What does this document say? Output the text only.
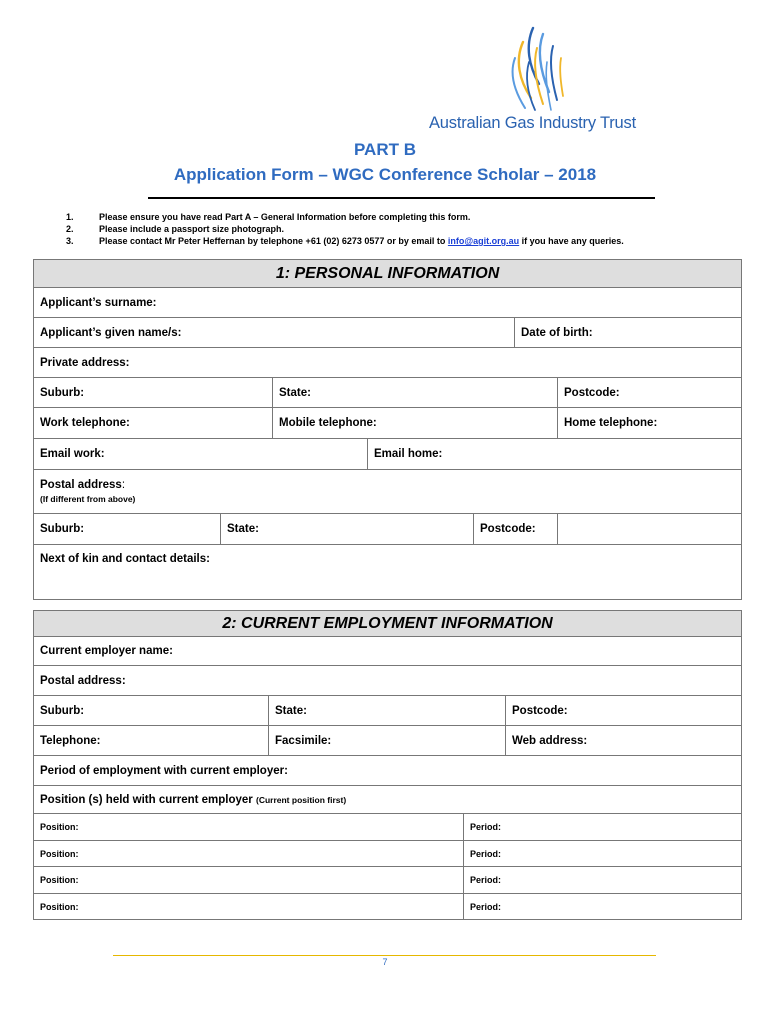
Australian Gas Industry Trust
PART B
Application Form – WGC Conference Scholar – 2018
1.	Please ensure you have read Part A – General Information before completing this form.
2.	Please include a passport size photograph.
3.	Please contact Mr Peter Heffernan by telephone +61 (02) 6273 0577 or by email to info@agit.org.au if you have any queries.
1: PERSONAL INFORMATION						
Applicant’s surname:						
Applicant’s given name/s:					Date of birth:	
Private address:						
Suburb:		State:				Postcode:
Work telephone:		Mobile telephone:				Home telephone:
Email work:			Email home:			
Postal address:
(If different from above)						

Suburb:	State:			Postcode:		
Next of kin and contact details:						
2: CURRENT EMPLOYMENT INFORMATION			
Current employer name:			
Postal address:			
Suburb:	State:		Postcode:
Telephone:	Facsimile:		Web address:
Period of employment with current employer:			
Position (s) held with current employer (Current position first)			
Position:		Period:	
Position:		Period:	
Position:		Period:	
Position:		Period:	
7
